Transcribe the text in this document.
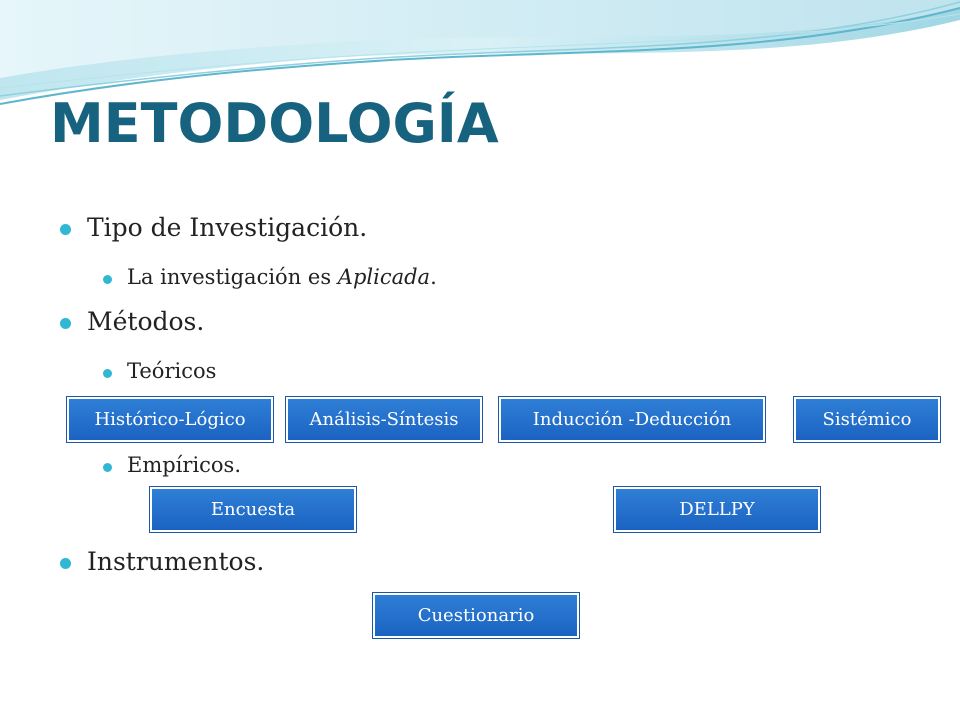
METODOLOGÍA
Tipo de Investigación.
La investigación es Aplicada.
Métodos.
Teóricos
Histórico-Lógico	Análisis-Síntesis	Inducción -Deducción	Sistémico
Empíricos.
Encuesta	DELLPY
Instrumentos.
Cuestionario
